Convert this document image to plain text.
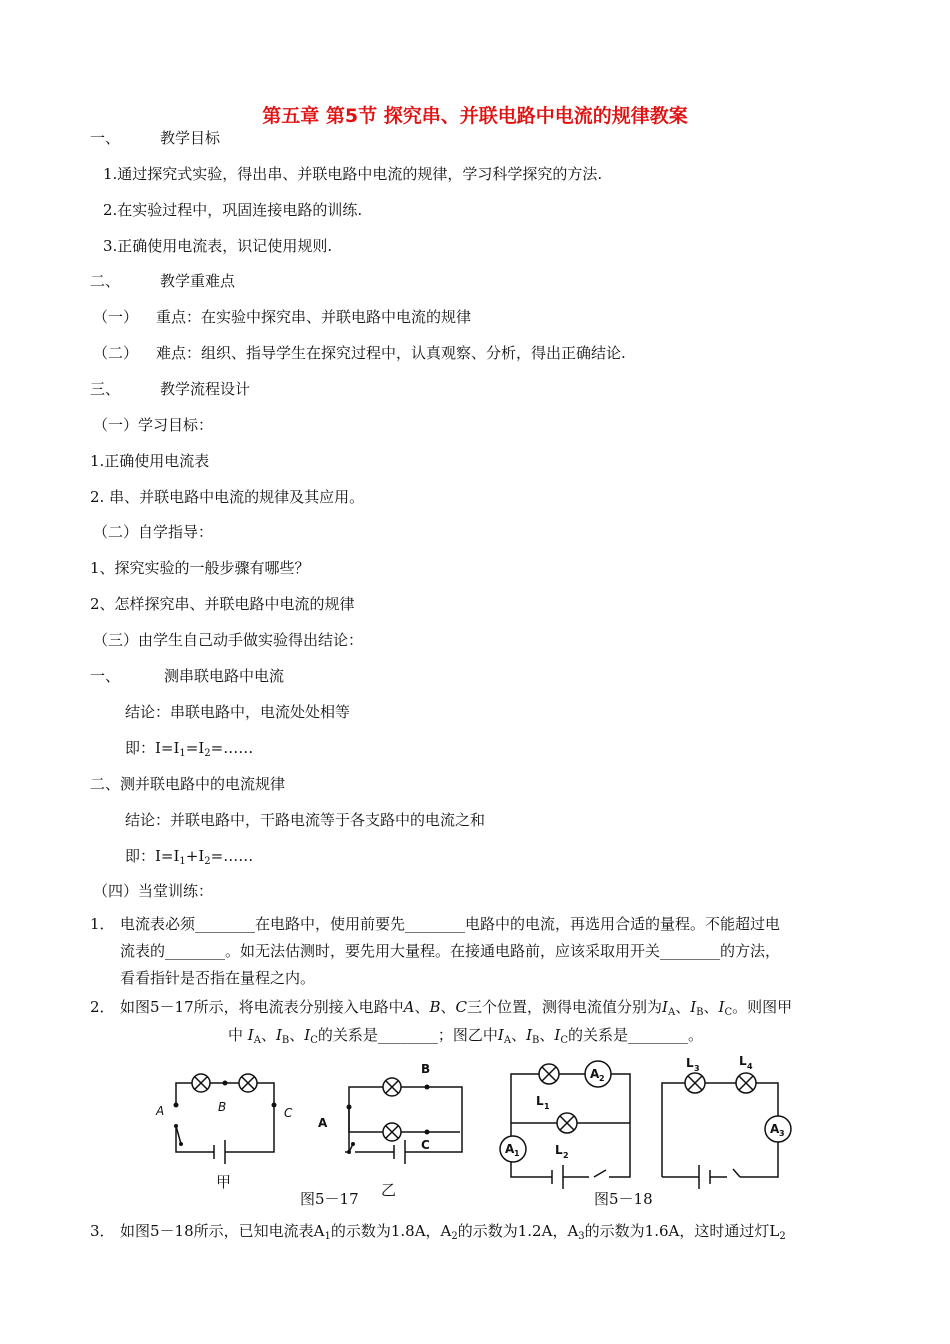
第五章 第5节 探究串、并联电路中电流的规律教案
一、	教学目标
1.通过探究式实验，得出串、并联电路中电流的规律，学习科学探究的方法.
2.在实验过程中，巩固连接电路的训练.
3.正确使用电流表，识记使用规则.
二、	教学重难点
（一） 重点：在实验中探究串、并联电路中电流的规律
（二） 难点：组织、指导学生在探究过程中，认真观察、分析，得出正确结论.
三、	教学流程设计
（一）学习目标：
1.正确使用电流表
2. 串、并联电路中电流的规律及其应用。
（二）自学指导：
1、探究实验的一般步骤有哪些？
2、怎样探究串、并联电路中电流的规律
（三）由学生自己动手做实验得出结论：
一、	测串联电路中电流
结论：串联电路中，电流处处相等
即：$I=I_1=I_2=\dots\dots$
二、测并联电路中的电流规律
结论：并联电路中，干路电流等于各支路中的电流之和
即：$I=I_1+I_2=\dots\dots$
（四）当堂训练：
1． 电流表必须________在电路中，使用前要先________电路中的电流，再选用合适的量程。不能超过电
流表的________。如无法估测时，要先用大量程。在接通电路前，应该采取用开关________的方法，
看看指针是否指在量程之内。
2． 如图5－17所示，将电流表分别接入电路中A、B、C三个位置，测得电流值分别为$I_A$、$I_B$、$I_C$。则图甲
中 $I_A$、$I_B$、$I_C$的关系是________；图乙中$I_A$、$I_B$、$I_C$的关系是________。
A	B	C
甲
A
B
C
乙
A 2
A 1
A 3
L 1
L 2
L 3
L 4
图5－17	图5－18
3． 如图5－18所示，已知电流表$A_1$的示数为1.8A，$A_2$的示数为1.2A，$A_3$的示数为1.6A，这时通过灯$L_2$
